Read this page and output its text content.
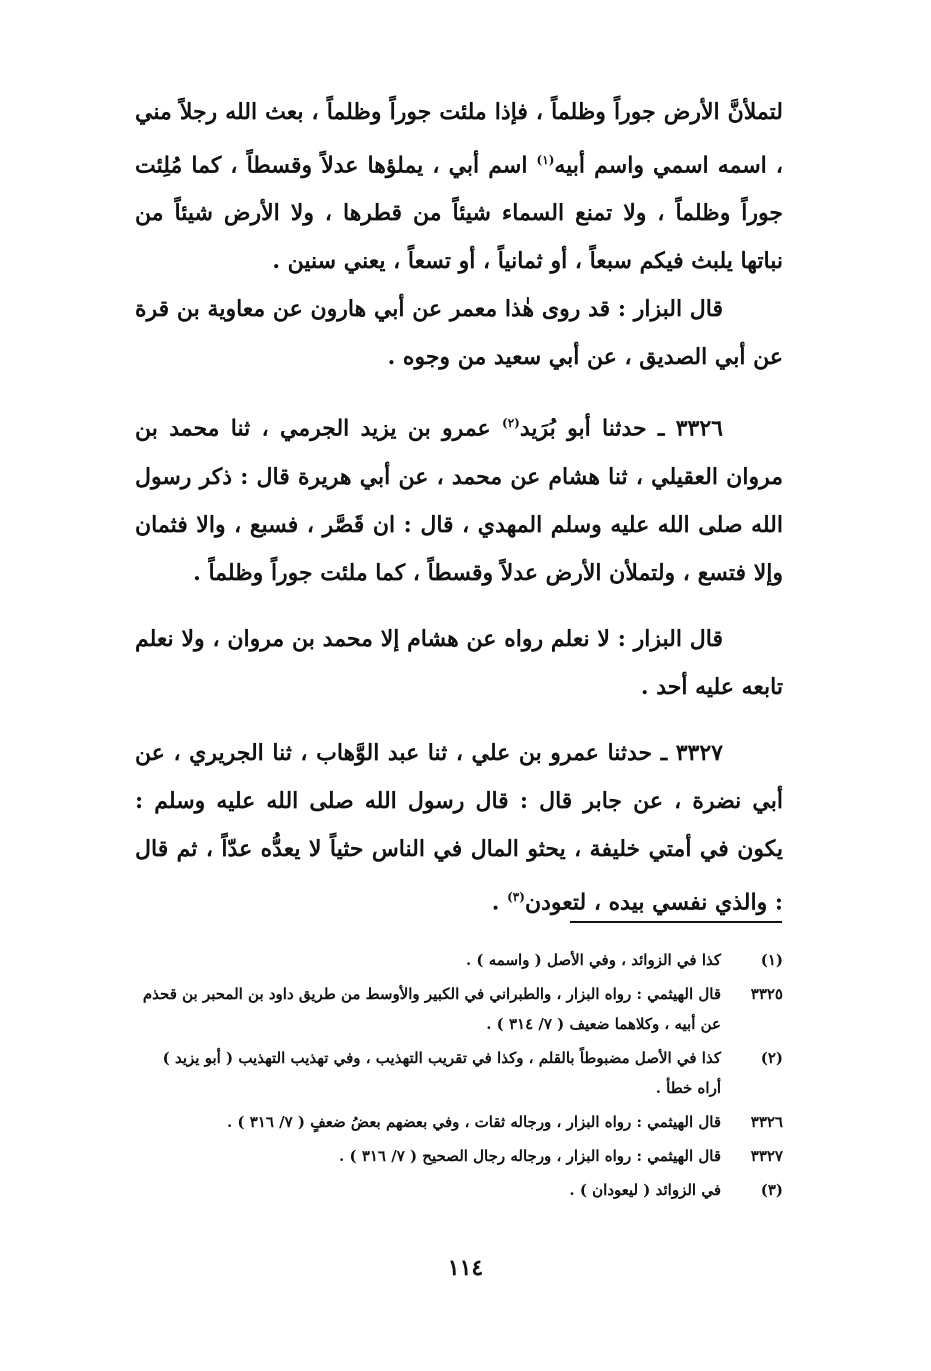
لتملأنَّ الأرض جوراً وظلماً ، فإذا ملئت جوراً وظلماً ، بعث الله رجلاً مني ، اسمه اسمي واسم أبيه$^{(١)}$ اسم أبي ، يملؤها عدلاً وقسطاً ، كما مُلِئت جوراً وظلماً ، ولا تمنع السماء شيئاً من قطرها ، ولا الأرض شيئاً من نباتها يلبث فيكم سبعاً ، أو ثمانياً ، أو تسعاً ، يعني سنين .

قال البزار : قد روى هٰذا معمر عن أبي هارون عن معاوية بن قرة عن أبي الصديق ، عن أبي سعيد من وجوه .

٣٣٢٦ ـ حدثنا أبو بُرَيد$^{(٢)}$ عمرو بن يزيد الجرمي ، ثنا محمد بن مروان العقيلي ، ثنا هشام عن محمد ، عن أبي هريرة قال : ذكر رسول الله صلى الله عليه وسلم المهدي ، قال : ان قَصَّر ، فسبع ، والا فثمان وإلا فتسع ، ولتملأن الأرض عدلاً وقسطاً ، كما ملئت جوراً وظلماً .

قال البزار : لا نعلم رواه عن هشام إلا محمد بن مروان ، ولا نعلم تابعه عليه أحد .

٣٣٢٧ ـ حدثنا عمرو بن علي ، ثنا عبد الوَّهاب ، ثنا الجريري ، عن أبي نضرة ، عن جابر قال : قال رسول الله صلى الله عليه وسلم : يكون في أمتي خليفة ، يحثو المال في الناس حثياً لا يعدُّه عدّاً ، ثم قال : والذي نفسي بيده ، لتعودن$^{(٣)}$ .

(١)
كذا في الزوائد ، وفي الأصل ( واسمه ) .
٣٣٢٥
قال الهيثمي : رواه البزار ، والطبراني في الكبير والأوسط من طريق داود بن المحبر بن قحذم عن أبيه ، وكلاهما ضعيف ( ٧/ ٣١٤ ) .
(٢)
كذا في الأصل مضبوطاً بالقلم ، وكذا في تقريب التهذيب ، وفي تهذيب التهذيب ( أبو يزيد ) أراه خطأ .
٣٣٢٦
قال الهيثمي : رواه البزار ، ورجاله ثقات ، وفي بعضهم بعضُ ضعفٍ ( ٧/ ٣١٦ ) .
٣٣٢٧
قال الهيثمي : رواه البزار ، ورجاله رجال الصحيح ( ٧/ ٣١٦ ) .
(٣)
في الزوائد ( ليعودان ) .
١١٤
